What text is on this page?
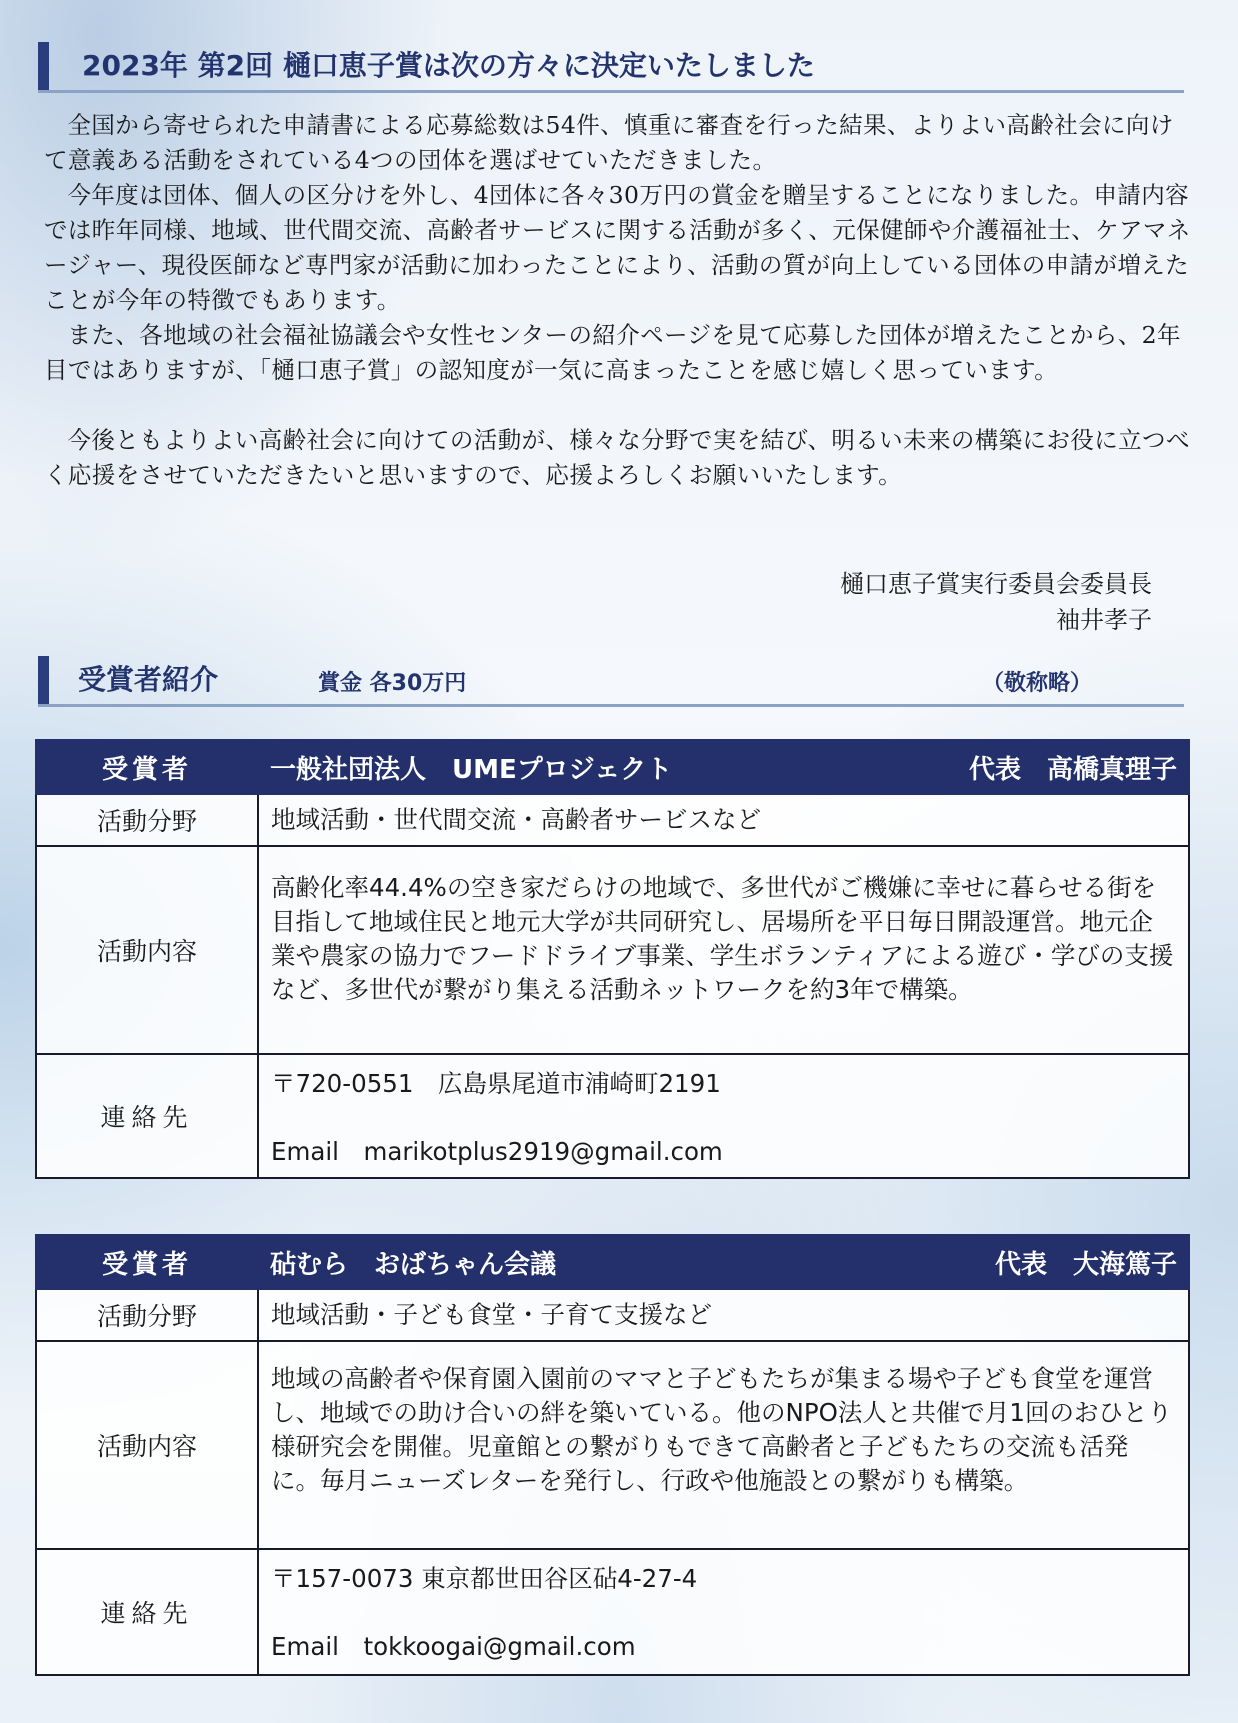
2023年 第2回 樋口恵子賞は次の方々に決定いたしました

全国から寄せられた申請書による応募総数は54件、慎重に審査を行った結果、よりよい高齢社会に向けて意義ある活動をされている4つの団体を選ばせていただきました。

今年度は団体、個人の区分けを外し、4団体に各々30万円の賞金を贈呈することになりました。申請内容では昨年同様、地域、世代間交流、高齢者サービスに関する活動が多く、元保健師や介護福祉士、ケアマネージャー、現役医師など専門家が活動に加わったことにより、活動の質が向上している団体の申請が増えたことが今年の特徴でもあります。

また、各地域の社会福祉協議会や女性センターの紹介ページを見て応募した団体が増えたことから、2年目ではありますが、「樋口恵子賞」の認知度が一気に高まったことを感じ嬉しく思っています。

今後ともよりよい高齢社会に向けての活動が、様々な分野で実を結び、明るい未来の構築にお役に立つべく応援をさせていただきたいと思いますので、応援よろしくお願いいたします。

樋口恵子賞実行委員会委員長
袖井孝子
受賞者紹介	賞金 各30万円	（敬称略）
受賞者	一般社団法人　UMEプロジェクト 代表　高橋真理子

活動分野	地域活動・世代間交流・高齢者サービスなど
活動内容	高齢化率44.4%の空き家だらけの地域で、多世代がご機嫌に幸せに暮らせる街を目指して地域住民と地元大学が共同研究し、居場所を平日毎日開設運営。地元企業や農家の協力でフードドライブ事業、学生ボランティアによる遊び・学びの支援など、多世代が繋がり集える活動ネットワークを約3年で構築。
連絡先	〒720-0551　広島県尾道市浦崎町2191
Email　marikotplus2919@gmail.com
受賞者	砧むら　おばちゃん会議 代表　大海篤子

活動分野	地域活動・子ども食堂・子育て支援など
活動内容	地域の高齢者や保育園入園前のママと子どもたちが集まる場や子ども食堂を運営し、地域での助け合いの絆を築いている。他のNPO法人と共催で月1回のおひとり様研究会を開催。児童館との繋がりもできて高齢者と子どもたちの交流も活発に。毎月ニューズレターを発行し、行政や他施設との繋がりも構築。
連絡先	〒157-0073 東京都世田谷区砧4-27-4
Email　tokkoogai@gmail.com
